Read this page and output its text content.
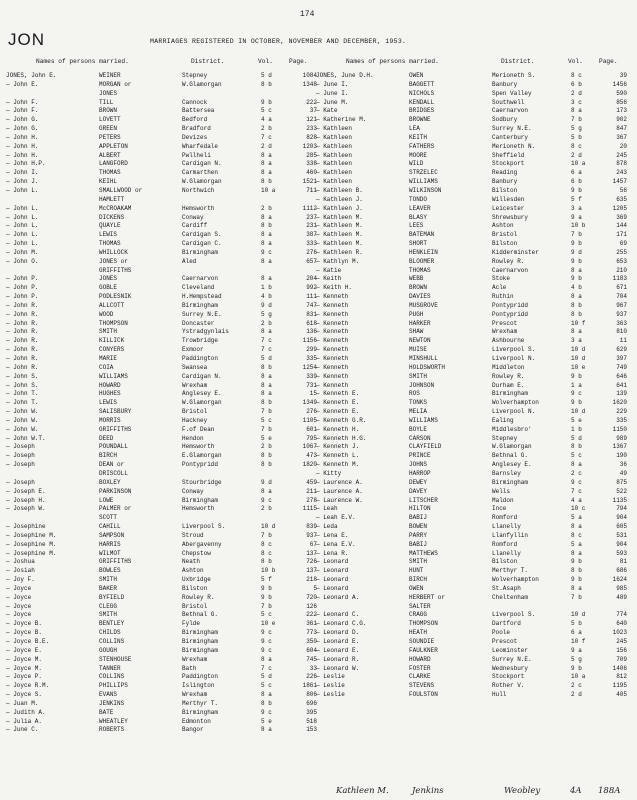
174
JON	MARRIAGES REGISTERED IN OCTOBER, NOVEMBER AND DECEMBER, 1953.
Names of persons married.	District.	Vol.	Page.
JONES, John E.	WEINER	Stepney	5 d	1084
— John E.	MORGAN or	W.Glamorgan	8 b	1348
JONES
— John F.	TILL	Cannock	9 b	222
— John F.	BROWN	Battersea	5 c	37
— John G.	LOVETT	Bedford	4 a	121
— John G.	GREEN	Bradford	2 b	233
— John H.	PETERS	Devizes	7 c	828
— John H.	APPLETON	Wharfedale	2 d	1203
— John H.	ALBERT	Pwllheli	8 a	285
— John H.P.	LANGFORD	Cardigan N.	8 a	338
— John I.	THOMAS	Carmarthen	8 a	460
— John J.	KEIHL	W.Glamorgan	8 b	1521
— John L.	SMALLWOOD or	Northwich	10 a	711
HAMLETT
— John L.	McCROAKAM	Hemsworth	2 b	1112
— John L.	DICKENS	Conway	8 a	237
— John L.	QUAYLE	Cardiff	8 b	231
— John L.	LEWIS	Cardigan S.	8 a	387
— John L.	THOMAS	Cardigan C.	8 a	333
— John M.	WHILLOCK	Birmingham	9 c	276
— John O.	JONES or	Aled	8 a	657
GRIFFITHS
— John P.	JONES	Caernarvon	8 a	204
— John P.	GOBLE	Cleveland	1 b	992
— John P.	PODLESNIK	H.Hempstead	4 b	111
— John R.	ALLCOTT	Birmingham	9 d	747
— John R.	WOOD	Surrey N.E.	5 g	831
— John R.	THOMPSON	Doncaster	2 b	618
— John R.	SMITH	Ystradgynlais	8 a	136
— John R.	KILLICK	Trowbridge	7 c	1156
— John R.	CONYERS	Exmoor	7 c	299
— John R.	MARIE	Paddington	5 d	335
— John R.	COIA	Swansea	8 b	1254
— John S.	WILLIAMS	Cardigan N.	8 a	339
— John S.	HOWARD	Wrexham	8 a	731
— John T.	HUGHES	Anglesey E.	8 a	15
— John T.	LEWIS	W.Glamorgan	8 b	1349
— John W.	SALISBURY	Bristol	7 b	276
— John W.	MORRIS	Hackney	5 c	1105
— John W.	GRIFFITHS	F.of Dean	7 b	601
— John W.T.	DEED	Hendon	5 e	795
— Joseph	POUNDALL	Hemsworth	2 b	1067
— Joseph	BIRCH	E.Glamorgan	8 b	473
— Joseph	DEAN or	Pontypridd	8 b	1820
DRISCOLL
— Joseph	BOXLEY	Stourbridge	9 d	459
— Joseph E.	PARKINSON	Conway	8 a	211
— Joseph H.	LOWE	Birmingham	9 c	278
— Joseph W.	PALMER or	Hemsworth	2 b	1115
SCOTT
— Josephine	CAHILL	Liverpool S.	10 d	839
— Josephine M.	SAMPSON	Stroud	7 b	937
— Josephine M.	HARRIS	Abergavenny	8 c	67
— Josephine M.	WILMOT	Chepstow	8 c	137
— Joshua	GRIFFITHS	Neath	8 b	726
— Josiah	BOWLES	Ashton	10 b	137
— Joy F.	SMITH	Uxbridge	5 f	218
— Joyce	BAKER	Bilston	9 b	5
— Joyce	BYFIELD	Rowley R.	9 b	720
— Joyce	CLEGG	Bristol	7 b	126
— Joyce	SMITH	Bethnal G.	5 c	222
— Joyce B.	BENTLEY	Fylde	10 e	361
— Joyce B.	CHILDS	Birmingham	9 c	773
— Joyce B.E.	COLLINS	Birmingham	9 c	350
— Joyce E.	GOUGH	Birmingham	9 c	604
— Joyce M.	STENHOUSE	Wrexham	8 a	745
— Joyce M.	TANNER	Bath	7 c	33
— Joyce P.	COLLINS	Paddington	5 d	226
— Joyce R.M.	PHILLIPS	Islington	5 c	1861
— Joyce S.	EVANS	Wrexham	8 a	806
— Juan M.	JENKINS	Merthyr T.	8 b	696
— Judith A.	BATE	Birmingham	9 c	395
— Julia A.	WHEATLEY	Edmonton	5 e	518
— June C.	ROBERTS	Bangor	8 a	153
Names of persons married.	District.	Vol.	Page.
JONES, June D.H.	OWEN	Merioneth S.	8 c	39
— June I.	BAGGETT	Banbury	6 b	1456
— June I.	NICHOLS	Spen Valley	2 d	590
— June M.	KENDALL	Southwell	3 c	856
— Kate	BRIDGES	Caernarvon	8 a	173
— Katherine M.	BROWNE	Sodbury	7 b	902
— Kathleen	LEA	Surrey N.E.	5 g	847
— Kathleen	KEITH	Canterbury	5 b	367
— Kathleen	FATHERS	Merioneth N.	8 c	20
— Kathleen	MOORE	Sheffield	2 d	245
— Kathleen	WILD	Stockport	10 a	878
— Kathleen	STRZELEC	Reading	6 a	243
— Kathleen	WILLIAMS	Banbury	6 b	1457
— Kathleen B.	WILKINSON	Bilston	9 b	56
— Kathleen J.	TONDO	Willesden	5 f	635
— Kathleen J.	LEAVER	Leicester	3 a	1205
— Kathleen M.	BLASY	Shrewsbury	9 a	369
— Kathleen M.	LEES	Ashton	10 b	144
— Kathleen M.	BATEMAN	Bristol	7 b	171
— Kathleen M.	SHORT	Bilston	9 b	69
— Kathleen R.	HENKLEIN	Kidderminster	9 d	255
— Kathlyn M.	BLOOMER	Rowley R.	9 b	653
— Katie	THOMAS	Caernarvon	8 a	210
— Keith	WEBB	Stoke	9 b	1183
— Keith H.	BROWN	Acle	4 b	671
— Kenneth	DAVIES	Ruthin	8 a	704
— Kenneth	MUSGROVE	Pontypridd	8 b	967
— Kenneth	PUGH	Pontypridd	8 b	937
— Kenneth	HARKER	Prescot	10 f	363
— Kenneth	SHAW	Wrexham	8 a	810
— Kenneth	NEWTON	Ashbourne	3 a	11
— Kenneth	MUISE	Liverpool S.	10 d	629
— Kenneth	MINSHULL	Liverpool N.	10 d	397
— Kenneth	HOLDSWORTH	Middleton	10 e	749
— Kenneth	SMITH	Rowley R.	9 b	646
— Kenneth	JOHNSON	Durham E.	1 a	641
— Kenneth E.	ROS	Birmingham	9 c	139
— Kenneth E.	TONKS	Wolverhampton	9 b	1620
— Kenneth E.	MELIA	Liverpool N.	10 d	229
— Kenneth G.R.	WILLIAMS	Ealing	5 e	335
— Kenneth H.	BOYLE	Middlesbro'	1 b	1150
— Kenneth H.G.	CARSON	Stepney	5 d	989
— Kenneth J.	CLAYFIELD	W.Glamorgan	8 b	1367
— Kenneth L.	PRINCE	Bethnal G.	5 c	190
— Kenneth M.	JOHNS	Anglesey E.	8 a	36
— Kitty	HARROP	Barnsley	2 c	49
— Laurence A.	DEWEY	Birmingham	9 c	875
— Laurence A.	DAVEY	Wells	7 c	522
— Laurence W.	LITSCHER	Maldon	4 a	1135
— Leah	HILTON	Ince	10 c	794
— Leah E.V.	BABIJ	Romford	5 a	904
— Leda	BOWEN	Llanelly	8 a	605
— Lena E.	PARRY	Llanfyllin	8 c	531
— Lena E.V.	BABIJ	Romford	5 a	904
— Lena R.	MATTHEWS	Llanelly	8 a	593
— Leonard	SMITH	Bilston	9 b	81
— Leonard	HUNT	Merthyr T.	8 b	686
— Leonard	BIRCH	Wolverhampton	9 b	1624
— Leonard	OWEN	St.Asaph	8 a	985
— Leonard A.	HERBERT or	Cheltenham	7 b	489
SALTER
— Leonard C.	CRAGG	Liverpool S.	10 d	774
— Leonard C.G.	THOMPSON	Dartford	5 b	640
— Leonard D.	HEATH	Poole	6 a	1023
— Leonard E.	SOUNDIE	Prescot	10 f	245
— Leonard E.	FAULKNER	Leominster	9 a	156
— Leonard R.	HOWARD	Surrey N.E.	5 g	709
— Leonard W.	FOSTER	Wednesbury	9 b	1406
— Leslie	CLARKE	Stockport	10 a	812
— Leslie	STEVENS	Rother V.	2 c	1195
— Leslie	FOULSTON	Hull	2 d	405
Kathleen M.	Jenkins	Weobley	4A 188A
